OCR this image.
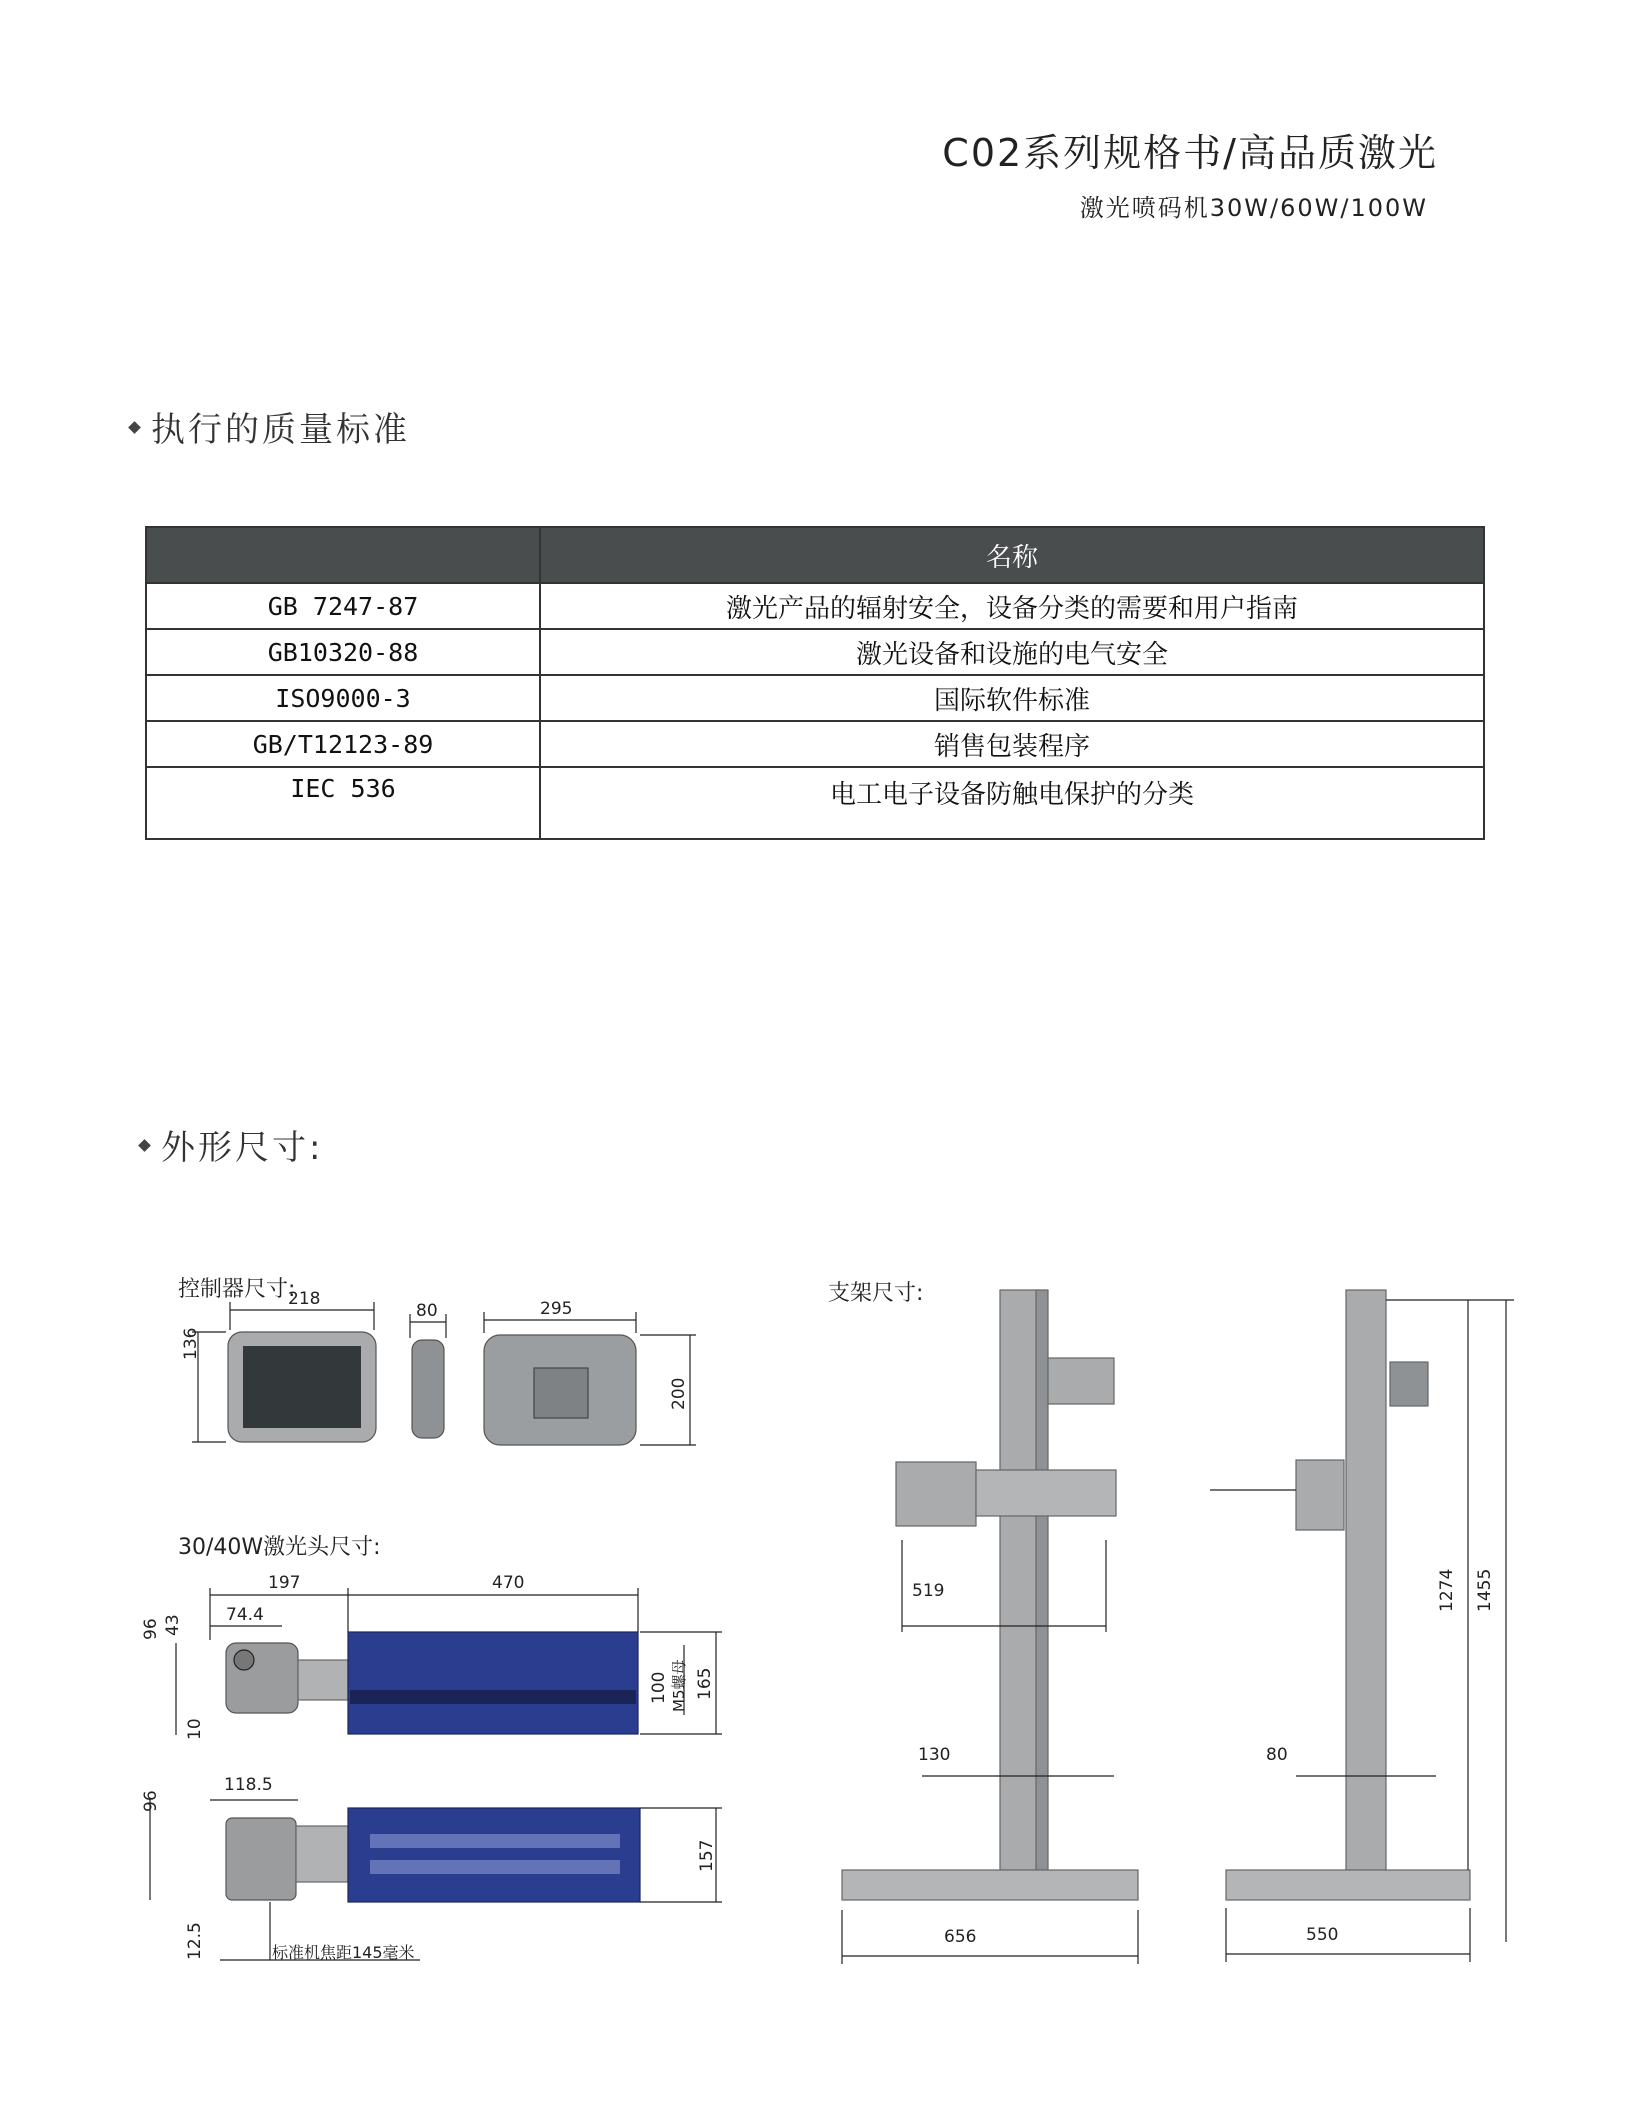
C02系列规格书/高品质激光
激光喷码机30W/60W/100W
执行的质量标准
	名称
GB 7247-87	激光产品的辐射安全，设备分类的需要和用户指南
GB10320-88	激光设备和设施的电气安全
ISO9000-3	国际软件标准
GB/T12123-89	销售包装程序
IEC 536	电工电子设备防触电保护的分类
外形尺寸:
控制器尺寸:
30/40W激光头尺寸:
支架尺寸:
218
136
80	295
200
197	470
74.4
96 43
10
100 M5螺母 165
118.5
96
157
12.5	标准机焦距145毫米
519
130
656
80
550
1274 1455
